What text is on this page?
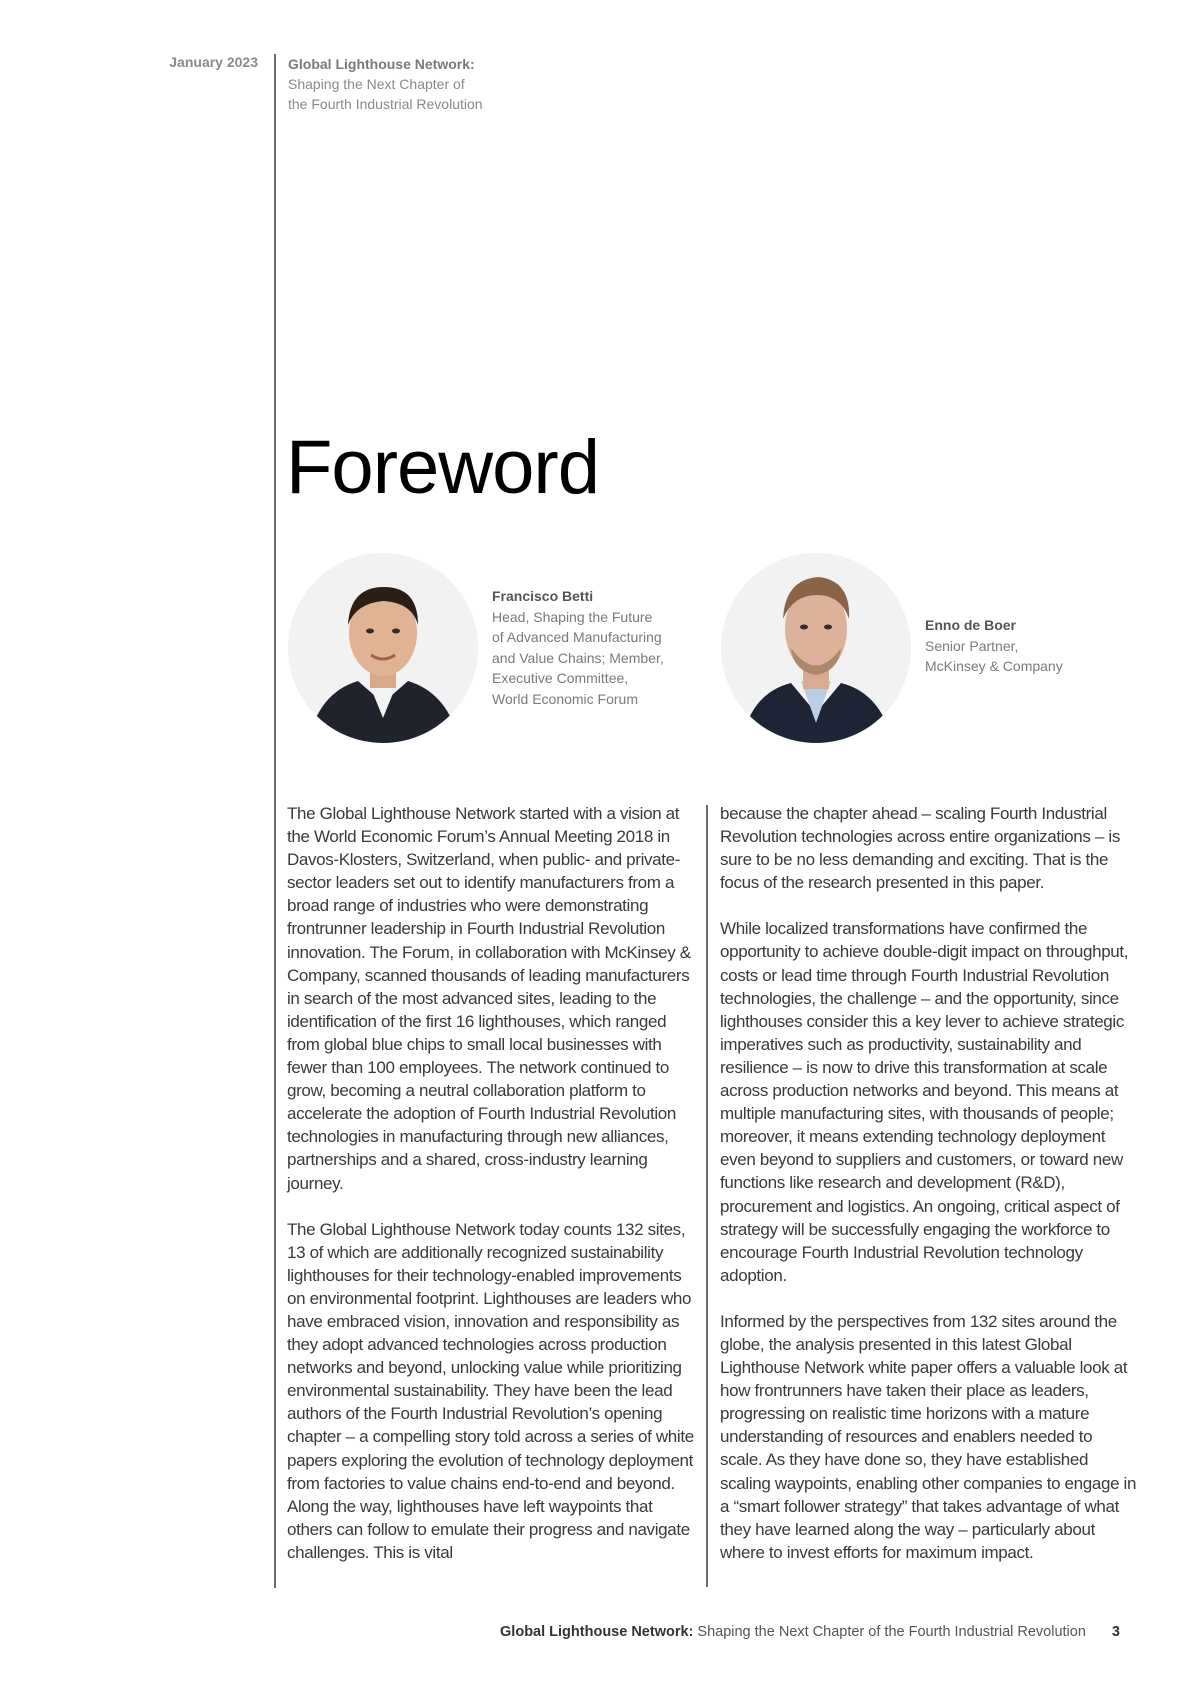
January 2023 Global Lighthouse Network:
Shaping the Next Chapter of
the Fourth Industrial Revolution
Foreword
Francisco Betti
Head, Shaping the Future
of Advanced Manufacturing
and Value Chains; Member,
Executive Committee,
World Economic Forum
Enno de Boer
Senior Partner,
McKinsey & Company

The Global Lighthouse Network started with a vision at the World Economic Forum’s Annual Meeting 2018 in Davos-Klosters, Switzerland, when public- and private-sector leaders set out to identify manufacturers from a broad range of industries who were demonstrating frontrunner leadership in Fourth Industrial Revolution innovation. The Forum, in collaboration with McKinsey & Company, scanned thousands of leading manufacturers in search of the most advanced sites, leading to the identification of the first 16 lighthouses, which ranged from global blue chips to small local businesses with fewer than 100 employees. The network continued to grow, becoming a neutral collaboration platform to accelerate the adoption of Fourth Industrial Revolution technologies in manufacturing through new alliances, partnerships and a shared, cross-industry learning journey.

The Global Lighthouse Network today counts 132 sites, 13 of which are additionally recognized sustainability lighthouses for their technology-enabled improvements on environmental footprint. Lighthouses are leaders who have embraced vision, innovation and responsibility as they adopt advanced technologies across production networks and beyond, unlocking value while prioritizing environmental sustainability. They have been the lead authors of the Fourth Industrial Revolution’s opening chapter – a compelling story told across a series of white papers exploring the evolution of technology deployment from factories to value chains end-to-end and beyond. Along the way, lighthouses have left waypoints that others can follow to emulate their progress and navigate challenges. This is vital

because the chapter ahead – scaling Fourth Industrial Revolution technologies across entire organizations – is sure to be no less demanding and exciting. That is the focus of the research presented in this paper.

While localized transformations have confirmed the opportunity to achieve double-digit impact on throughput, costs or lead time through Fourth Industrial Revolution technologies, the challenge – and the opportunity, since lighthouses consider this a key lever to achieve strategic imperatives such as productivity, sustainability and resilience – is now to drive this transformation at scale across production networks and beyond. This means at multiple manufacturing sites, with thousands of people; moreover, it means extending technology deployment even beyond to suppliers and customers, or toward new functions like research and development (R&D), procurement and logistics. An ongoing, critical aspect of strategy will be successfully engaging the workforce to encourage Fourth Industrial Revolution technology adoption.

Informed by the perspectives from 132 sites around the globe, the analysis presented in this latest Global Lighthouse Network white paper offers a valuable look at how frontrunners have taken their place as leaders, progressing on realistic time horizons with a mature understanding of resources and enablers needed to scale. As they have done so, they have established scaling waypoints, enabling other companies to engage in a “smart follower strategy” that takes advantage of what they have learned along the way – particularly about where to invest efforts for maximum impact.

Global Lighthouse Network: Shaping the Next Chapter of the Fourth Industrial Revolution 3
